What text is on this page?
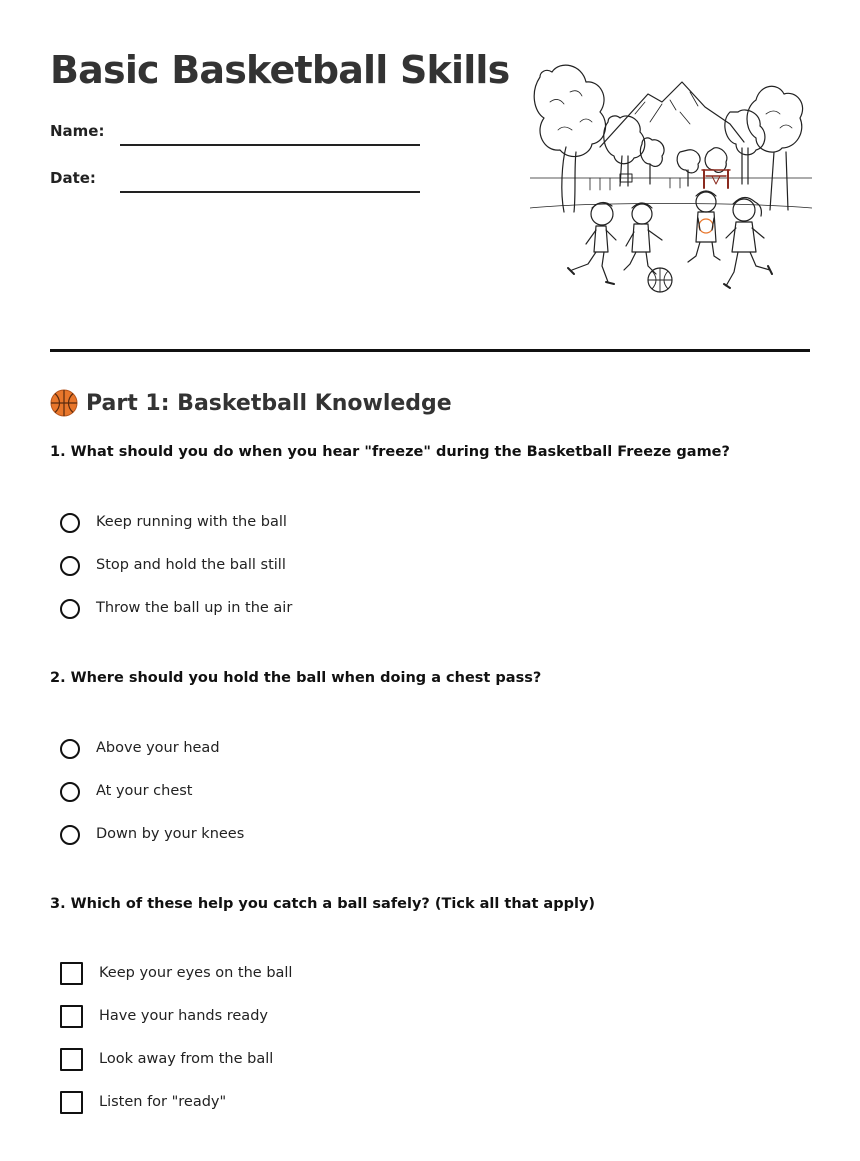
Basic Basketball Skills
Name:
Date:
Part 1: Basketball Knowledge

1. What should you do when you hear "freeze" during the Basketball Freeze game?

Keep running with the ball
Stop and hold the ball still
Throw the ball up in the air

2. Where should you hold the ball when doing a chest pass?

Above your head
At your chest
Down by your knees

3. Which of these help you catch a ball safely? (Tick all that apply)

Keep your eyes on the ball
Have your hands ready
Look away from the ball
Listen for "ready"
